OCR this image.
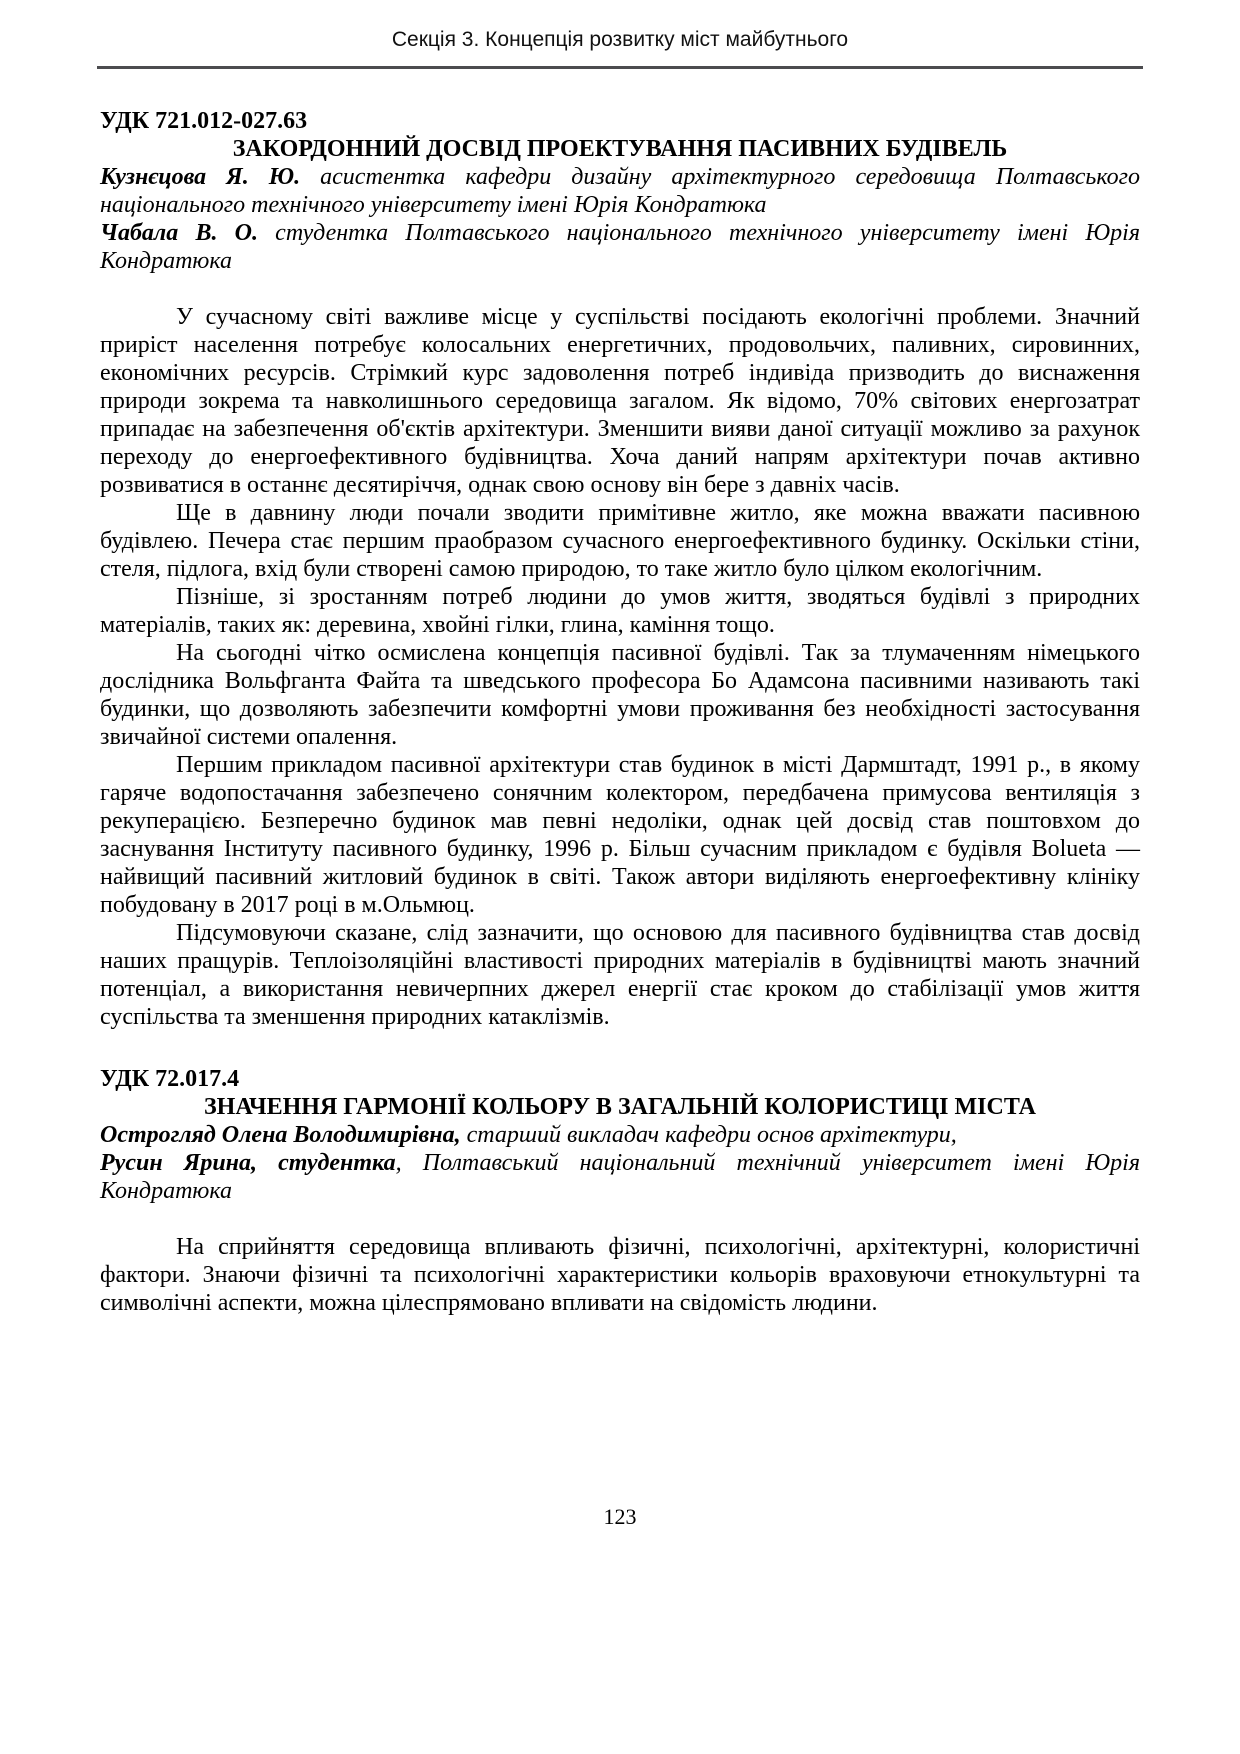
Секція 3. Концепція розвитку міст майбутнього

УДК 721.012-027.63

ЗАКОРДОННИЙ ДОСВІД ПРОЕКТУВАННЯ ПАСИВНИХ БУДІВЕЛЬ

Кузнєцова Я. Ю. асистентка кафедри дизайну архітектурного середовища Полтавського національного технічного університету імені Юрія Кондратюка

Чабала В. О. студентка Полтавського національного технічного університету імені Юрія Кондратюка

У сучасному світі важливе місце у суспільстві посідають екологічні проблеми. Значний приріст населення потребує колосальних енергетичних, продовольчих, паливних, сировинних, економічних ресурсів. Стрімкий курс задоволення потреб індивіда призводить до виснаження природи зокрема та навколишнього середовища загалом. Як відомо, 70% світових енергозатрат припадає на забезпечення об'єктів архітектури. Зменшити вияви даної ситуації можливо за рахунок переходу до енергоефективного будівництва. Хоча даний напрям архітектури почав активно розвиватися в останнє десятиріччя, однак свою основу він бере з давніх часів.

Ще в давнину люди почали зводити примітивне житло, яке можна вважати пасивною будівлею. Печера стає першим праобразом сучасного енергоефективного будинку. Оскільки стіни, стеля, підлога, вхід були створені самою природою, то таке житло було цілком екологічним.

Пізніше, зі зростанням потреб людини до умов життя, зводяться будівлі з природних матеріалів, таких як: деревина, хвойні гілки, глина, каміння тощо.

На сьогодні чітко осмислена концепція пасивної будівлі. Так за тлумаченням німецького дослідника Вольфганта Файта та шведського професора Бо Адамсона пасивними називають такі будинки, що дозволяють забезпечити комфортні умови проживання без необхідності застосування звичайної системи опалення.

Першим прикладом пасивної архітектури став будинок в місті Дармштадт, 1991 р., в якому гаряче водопостачання забезпечено сонячним колектором, передбачена примусова вентиляція з рекуперацією. Безперечно будинок мав певні недоліки, однак цей досвід став поштовхом до заснування Інституту пасивного будинку, 1996 р. Більш сучасним прикладом є будівля Bolueta — найвищий пасивний житловий будинок в світі. Також автори виділяють енергоефективну клініку побудовану в 2017 році в м.Ольмюц.

Підсумовуючи сказане, слід зазначити, що основою для пасивного будівництва став досвід наших пращурів. Теплоізоляційні властивості природних матеріалів в будівництві мають значний потенціал, а використання невичерпних джерел енергії стає кроком до стабілізації умов життя суспільства та зменшення природних катаклізмів.

УДК 72.017.4

ЗНАЧЕННЯ ГАРМОНІЇ КОЛЬОРУ В ЗАГАЛЬНІЙ КОЛОРИСТИЦІ МІСТА

Острогляд Олена Володимирівна, старший викладач кафедри основ архітектури,

Русин Ярина, студентка, Полтавський національний технічний університет імені Юрія Кондратюка

На сприйняття середовища впливають фізичні, психологічні, архітектурні, колористичні фактори. Знаючи фізичні та психологічні характеристики кольорів враховуючи етнокультурні та символічні аспекти, можна цілеспрямовано впливати на свідомість людини.

123
